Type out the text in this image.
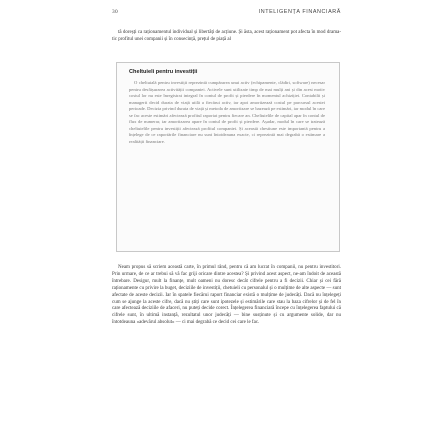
30	INTELIGENȚA FINANCIARĂ

tă doreșți ca raționamentul individual și libertăți de acțiune. Și ăsta, acest raționament pot afecta în mod dramatic profitul unei companii și în consecință, prețul de piață al

Cheltuieli pentru investiții

O cheltuială pentru investiții reprezintă cumpărarea unui activ (echipamente, clădiri, software) necesar pentru desfășurarea activității companiei. Activele sunt utilizate timp de mai mulți ani și din acest motiv costul lor nu este înregistrat integral în contul de profit și pierdere în momentul achiziției. Contabilii și managerii decid durata de viață utilă a fiecărui activ, iar apoi amortizează costul pe parcursul acestei perioade. Decizia privind durata de viață și metoda de amortizare se bazează pe estimări, iar modul în care se fac aceste estimări afectează profitul raportat pentru fiecare an. Cheltuielile de capital apar în contul de flux de numerar, iar amortizarea apare în contul de profit și pierdere. Așadar, modul în care se tratează cheltuielile pentru investiții afectează profitul companiei. Și această chestiune este importantă pentru a înțelege de ce raportările financiare nu sunt întotdeauna exacte, ci reprezintă mai degrabă o estimare a realității financiare.

Neam propus să scriem această carte, în primul rând, pentru că am lucrat în companii, nu pentru investitori. Prin urmare, de ce ar trebui să vă fac griji oricare dintre acestea? Și privind acest aspect, ne-am îndoit de această întrebare. Desigur, mult la finanțe, mult oameni nu doresc decât cifrele pentru a fi decizii. Chiar și cei fără raționamente cu privire la buget, deciziile de investiții, chetuieli cu personalul și o mulțime de alte aspecte — sunt afectate de aceste decizii. Iar în spatele fiecărui raport financiar există o mulțime de judecăți. Dacă nu înțelegeți cum se ajunge la aceste cifre, dacă nu știți care sunt ipotezele și estimările care stau la baza cifrelor și de fel în care afectează deciziile de afaceri, nu puteți decide corect. Înțelegerea financiară începe cu înțelegerea faptului că cifrele sunt, în ultimă instanță, rezultatul unor judecăți — bine susținute și cu argumente solide, dar nu întotdeauna «adevărul absolut» — ci mai degrabă ce decid cei care le fac.
